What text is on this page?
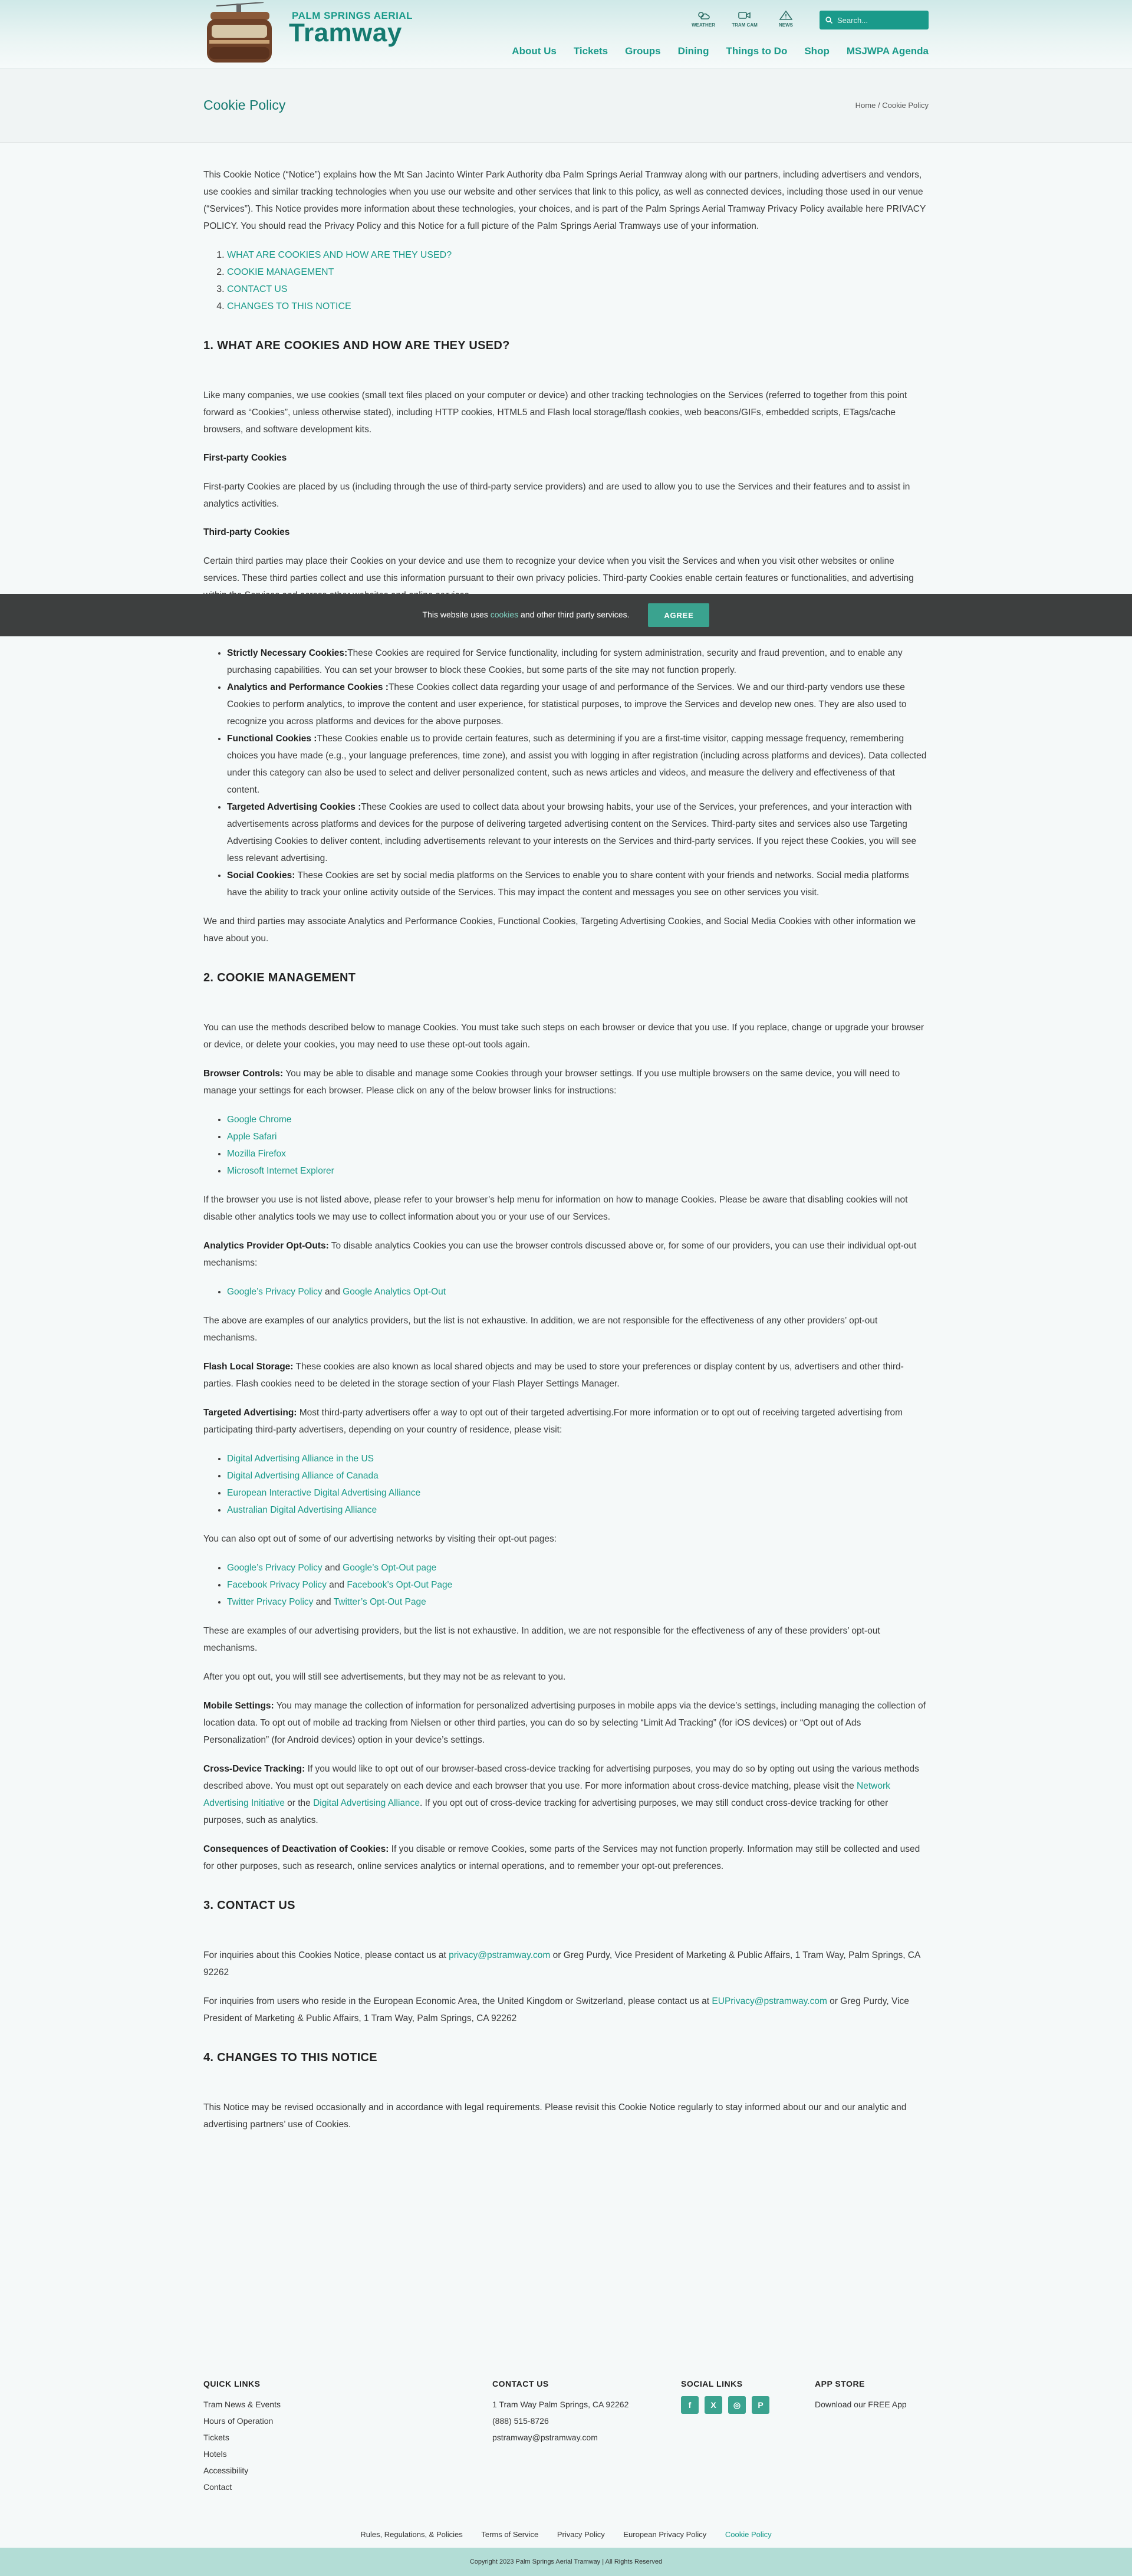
PALM SPRINGS AERIAL
Tramway	WEATHER	TRAM CAM	NEWS
Search...
About Us Tickets Groups Dining Things to Do Shop MSJWPA Agenda
Cookie Policy	Home / Cookie Policy

This Cookie Notice (“Notice”) explains how the Mt San Jacinto Winter Park Authority dba Palm Springs Aerial Tramway along with our partners, including advertisers and vendors, use cookies and similar tracking technologies when you use our website and other services that link to this policy, as well as connected devices, including those used in our venue (“Services”). This Notice provides more information about these technologies, your choices, and is part of the Palm Springs Aerial Tramway Privacy Policy available here PRIVACY POLICY. You should read the Privacy Policy and this Notice for a full picture of the Palm Springs Aerial Tramways use of your information.

1. WHAT ARE COOKIES AND HOW ARE THEY USED?
2. COOKIE MANAGEMENT
3. CONTACT US
4. CHANGES TO THIS NOTICE
1. WHAT ARE COOKIES AND HOW ARE THEY USED?

Like many companies, we use cookies (small text files placed on your computer or device) and other tracking technologies on the Services (referred to together from this point forward as “Cookies”, unless otherwise stated), including HTTP cookies, HTML5 and Flash local storage/flash cookies, web beacons/GIFs, embedded scripts, ETags/cache browsers, and software development kits.

First-party Cookies

First-party Cookies are placed by us (including through the use of third-party service providers) and are used to allow you to use the Services and their features and to assist in analytics activities.

Third-party Cookies

Certain third parties may place their Cookies on your device and use them to recognize your device when you visit the Services and when you visit other websites or online services. These third parties collect and use this information pursuant to their own privacy policies. Third-party Cookies enable certain features or functionalities, and advertising

• Strictly Necessary Cookies:These Cookies are required for Service functionality, including for system administration, security and fraud prevention, and to enable any purchasing capabilities. You can set your browser to block these Cookies, but some parts of the site may not function properly.
• Analytics and Performance Cookies :These Cookies collect data regarding your usage of and performance of the Services. We and our third-party vendors use these Cookies to perform analytics, to improve the content and user experience, for statistical purposes, to improve the Services and develop new ones. They are also used to recognize you across platforms and devices for the above purposes.
• Functional Cookies :These Cookies enable us to provide certain features, such as determining if you are a first-time visitor, capping message frequency, remembering choices you have made (e.g., your language preferences, time zone), and assist you with logging in after registration (including across platforms and devices). Data collected under this category can also be used to select and deliver personalized content, such as news articles and videos, and measure the delivery and effectiveness of that content.
• Targeted Advertising Cookies :These Cookies are used to collect data about your browsing habits, your use of the Services, your preferences, and your interaction with advertisements across platforms and devices for the purpose of delivering targeted advertising content on the Services. Third-party sites and services also use Targeting Advertising Cookies to deliver content, including advertisements relevant to your interests on the Services and third-party services. If you reject these Cookies, you will see less relevant advertising.
• Social Cookies: These Cookies are set by social media platforms on the Services to enable you to share content with your friends and networks. Social media platforms have the ability to track your online activity outside of the Services. This may impact the content and messages you see on other services you visit.

We and third parties may associate Analytics and Performance Cookies, Functional Cookies, Targeting Advertising Cookies, and Social Media Cookies with other information we have about you.

2. COOKIE MANAGEMENT

You can use the methods described below to manage Cookies. You must take such steps on each browser or device that you use. If you replace, change or upgrade your browser or device, or delete your cookies, you may need to use these opt-out tools again.

Browser Controls: You may be able to disable and manage some Cookies through your browser settings. If you use multiple browsers on the same device, you will need to manage your settings for each browser. Please click on any of the below browser links for instructions:

• Google Chrome
• Apple Safari
• Mozilla Firefox
• Microsoft Internet Explorer

If the browser you use is not listed above, please refer to your browser’s help menu for information on how to manage Cookies. Please be aware that disabling cookies will not disable other analytics tools we may use to collect information about you or your use of our Services.

Analytics Provider Opt-Outs: To disable analytics Cookies you can use the browser controls discussed above or, for some of our providers, you can use their individual opt-out mechanisms:

• Google’s Privacy Policy and Google Analytics Opt-Out

The above are examples of our analytics providers, but the list is not exhaustive. In addition, we are not responsible for the effectiveness of any other providers’ opt-out mechanisms.

Flash Local Storage: These cookies are also known as local shared objects and may be used to store your preferences or display content by us, advertisers and other third-parties. Flash cookies need to be deleted in the storage section of your Flash Player Settings Manager.

Targeted Advertising: Most third-party advertisers offer a way to opt out of their targeted advertising.For more information or to opt out of receiving targeted advertising from participating third-party advertisers, depending on your country of residence, please visit:

• Digital Advertising Alliance in the US
• Digital Advertising Alliance of Canada
• European Interactive Digital Advertising Alliance
• Australian Digital Advertising Alliance

You can also opt out of some of our advertising networks by visiting their opt-out pages:

• Google’s Privacy Policy and Google’s Opt-Out page
• Facebook Privacy Policy and Facebook’s Opt-Out Page
• Twitter Privacy Policy and Twitter’s Opt-Out Page

These are examples of our advertising providers, but the list is not exhaustive. In addition, we are not responsible for the effectiveness of any of these providers’ opt-out mechanisms.

After you opt out, you will still see advertisements, but they may not be as relevant to you.

Mobile Settings: You may manage the collection of information for personalized advertising purposes in mobile apps via the device’s settings, including managing the collection of location data. To opt out of mobile ad tracking from Nielsen or other third parties, you can do so by selecting “Limit Ad Tracking” (for iOS devices) or “Opt out of Ads Personalization” (for Android devices) option in your device’s settings.

Cross-Device Tracking: If you would like to opt out of our browser-based cross-device tracking for advertising purposes, you may do so by opting out using the various methods described above. You must opt out separately on each device and each browser that you use. For more information about cross-device matching, please visit the Network Advertising Initiative or the Digital Advertising Alliance. If you opt out of cross-device tracking for advertising purposes, we may still conduct cross-device tracking for other purposes, such as analytics.

Consequences of Deactivation of Cookies: If you disable or remove Cookies, some parts of the Services may not function properly. Information may still be collected and used for other purposes, such as research, online services analytics or internal operations, and to remember your opt-out preferences.

3. CONTACT US

For inquiries about this Cookies Notice, please contact us at privacy@pstramway.com or Greg Purdy, Vice President of Marketing & Public Affairs, 1 Tram Way, Palm Springs, CA 92262

For inquiries from users who reside in the European Economic Area, the United Kingdom or Switzerland, please contact us at EUPrivacy@pstramway.com or Greg Purdy, Vice President of Marketing & Public Affairs, 1 Tram Way, Palm Springs, CA 92262

4. CHANGES TO THIS NOTICE

This Notice may be revised occasionally and in accordance with legal requirements. Please revisit this Cookie Notice regularly to stay informed about our and our analytic and advertising partners’ use of Cookies.

This website uses cookies and other third party services.	AGREE
QUICK LINKS
Tram News & Events
Hours of Operation
Tickets
Hotels
Accessibility
Contact
CONTACT US
1 Tram Way Palm Springs, CA 92262
(888) 515-8726
pstramway@pstramway.com
SOCIAL LINKS
f	X	◎	P
APP STORE
Download our FREE App
Rules, Regulations, & Policies Terms of Service Privacy Policy European Privacy Policy Cookie Policy
Copyright 2023 Palm Springs Aerial Tramway | All Rights Reserved
